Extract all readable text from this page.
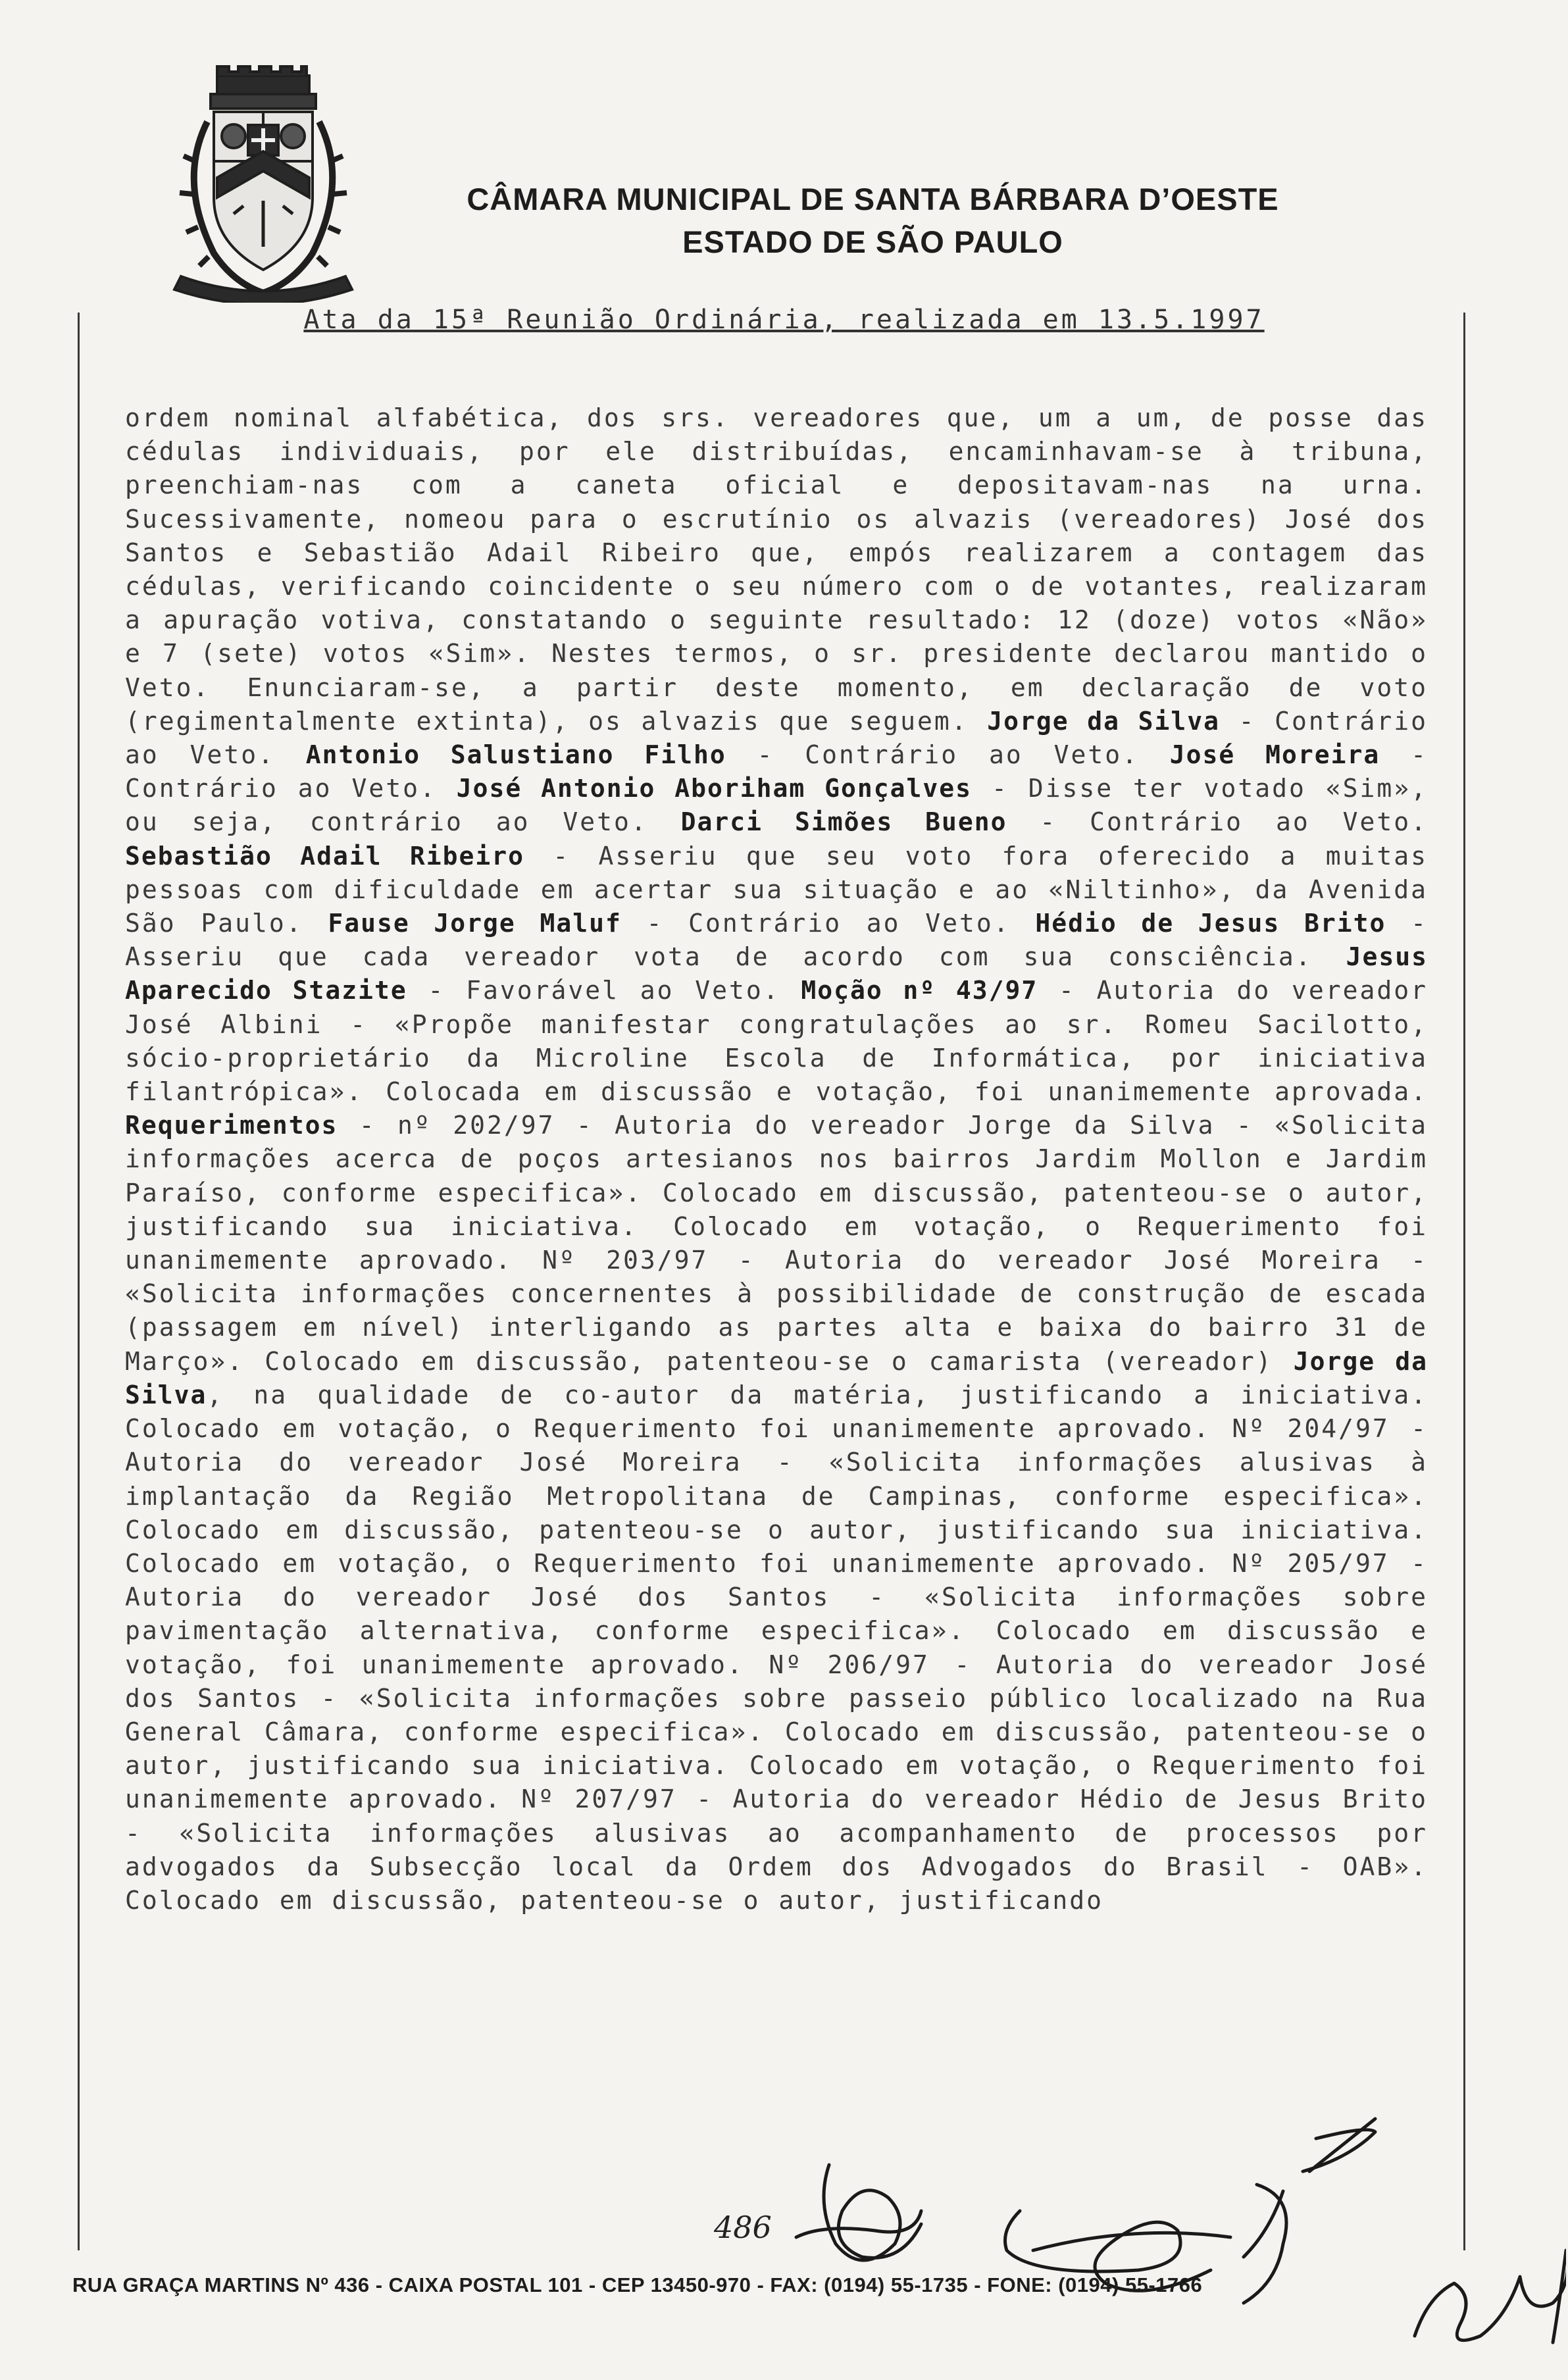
CÂMARA MUNICIPAL DE SANTA BÁRBARA D’OESTE
ESTADO DE SÃO PAULO
Ata da 15ª Reunião Ordinária, realizada em 13.5.1997
ordem nominal alfabética, dos srs. vereadores que, um a um, de posse das cédulas individuais, por ele distribuídas, encaminhavam-se à tribuna, preenchiam-nas com a caneta oficial e depositavam-nas na urna. Sucessivamente, nomeou para o escrutínio os alvazis (vereadores) José dos Santos e Sebastião Adail Ribeiro que, empós realizarem a contagem das cédulas, verificando coincidente o seu número com o de votantes, realizaram a apuração votiva, constatando o seguinte resultado: 12 (doze) votos «Não» e 7 (sete) votos «Sim». Nestes termos, o sr. presidente declarou mantido o Veto. Enunciaram-se, a partir deste momento, em declaração de voto (regimentalmente extinta), os alvazis que seguem. Jorge da Silva - Contrário ao Veto. Antonio Salustiano Filho - Contrário ao Veto. José Moreira - Contrário ao Veto. José Antonio Aboriham Gonçalves - Disse ter votado «Sim», ou seja, contrário ao Veto. Darci Simões Bueno - Contrário ao Veto. Sebastião Adail Ribeiro - Asseriu que seu voto fora oferecido a muitas pessoas com dificuldade em acertar sua situação e ao «Niltinho», da Avenida São Paulo. Fause Jorge Maluf - Contrário ao Veto. Hédio de Jesus Brito - Asseriu que cada vereador vota de acordo com sua consciência. Jesus Aparecido Stazite - Favorável ao Veto. Moção nº 43/97 - Autoria do vereador José Albini - «Propõe manifestar congratulações ao sr. Romeu Sacilotto, sócio-proprietário da Microline Escola de Informática, por iniciativa filantrópica». Colocada em discussão e votação, foi unanimemente aprovada. Requerimentos - nº 202/97 - Autoria do vereador Jorge da Silva - «Solicita informações acerca de poços artesianos nos bairros Jardim Mollon e Jardim Paraíso, conforme especifica». Colocado em discussão, patenteou-se o autor, justificando sua iniciativa. Colocado em votação, o Requerimento foi unanimemente aprovado. Nº 203/97 - Autoria do vereador José Moreira - «Solicita informações concernentes à possibilidade de construção de escada (passagem em nível) interligando as partes alta e baixa do bairro 31 de Março». Colocado em discussão, patenteou-se o camarista (vereador) Jorge da Silva, na qualidade de co-autor da matéria, justificando a iniciativa. Colocado em votação, o Requerimento foi unanimemente aprovado. Nº 204/97 - Autoria do vereador José Moreira - «Solicita informações alusivas à implantação da Região Metropolitana de Campinas, conforme especifica». Colocado em discussão, patenteou-se o autor, justificando sua iniciativa. Colocado em votação, o Requerimento foi unanimemente aprovado. Nº 205/97 - Autoria do vereador José dos Santos - «Solicita informações sobre pavimentação alternativa, conforme especifica». Colocado em discussão e votação, foi unanimemente aprovado. Nº 206/97 - Autoria do vereador José dos Santos - «Solicita informações sobre passeio público localizado na Rua General Câmara, conforme especifica». Colocado em discussão, patenteou-se o autor, justificando sua iniciativa. Colocado em votação, o Requerimento foi unanimemente aprovado. Nº 207/97 - Autoria do vereador Hédio de Jesus Brito - «Solicita informações alusivas ao acompanhamento de processos por advogados da Subsecção local da Ordem dos Advogados do Brasil - OAB». Colocado em discussão, patenteou-se o autor, justificando
486
RUA GRAÇA MARTINS Nº 436 - CAIXA POSTAL 101 - CEP 13450-970 - FAX: (0194) 55-1735 - FONE: (0194) 55-1766
